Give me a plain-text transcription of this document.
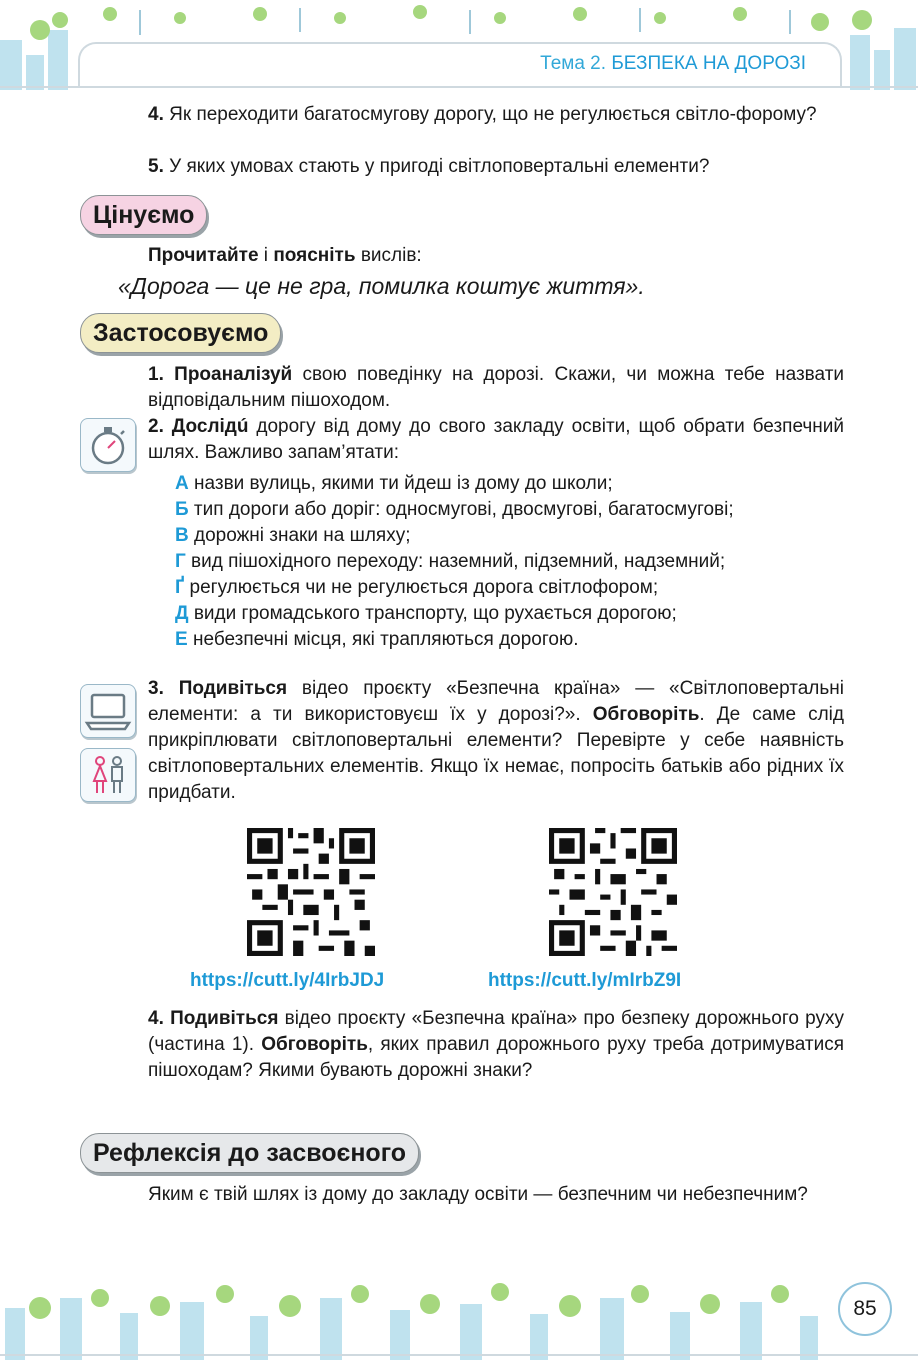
Тема 2. БЕЗПЕКА НА ДОРОЗІ
4. Як переходити багатосмугову дорогу, що не регулюється світло-форому?
5. У яких умовах стають у пригоді світлоповертальні елементи?
Цінуємо
Прочитайте і поясніть вислів:
«Дорога — це не гра, помилка коштує життя».
Застосовуємо
1. Проаналізуй свою поведінку на дорозі. Скажи, чи можна тебе назвати відповідальним пішоходом.
2. Дослідú дорогу від дому до свого закладу освіти, щоб обрати безпечний шлях. Важливо запам’ятати:
А назви вулиць, якими ти йдеш із дому до школи;
Б тип дороги або доріг: односмугові, двосмугові, багатосмугові;
В дорожні знаки на шляху;
Г вид пішохідного переходу: наземний, підземний, надземний;
Ґ регулюється чи не регулюється дорога світлофором;
Д види громадського транспорту, що рухається дорогою;
Е небезпечні місця, які трапляються дорогою.
3. Подивіться відео проєкту «Безпечна країна» — «Світлоповертальні елементи: а ти використовуєш їх у дорозі?». Обговоріть. Де саме слід прикріплювати світлоповертальні елементи? Перевірте у себе наявність світлоповертальних елементів. Якщо їх немає, попросіть батьків або рідних їх придбати.
https://cutt.ly/4IrbJDJ	https://cutt.ly/mIrbZ9I
4. Подивіться відео проєкту «Безпечна країна» про безпеку дорожнього руху (частина 1). Обговоріть, яких правил дорожнього руху треба дотримуватися пішоходам? Якими бувають дорожні знаки?
Рефлексія до засвоєного
Яким є твій шлях із дому до закладу освіти — безпечним чи небезпечним?
85
